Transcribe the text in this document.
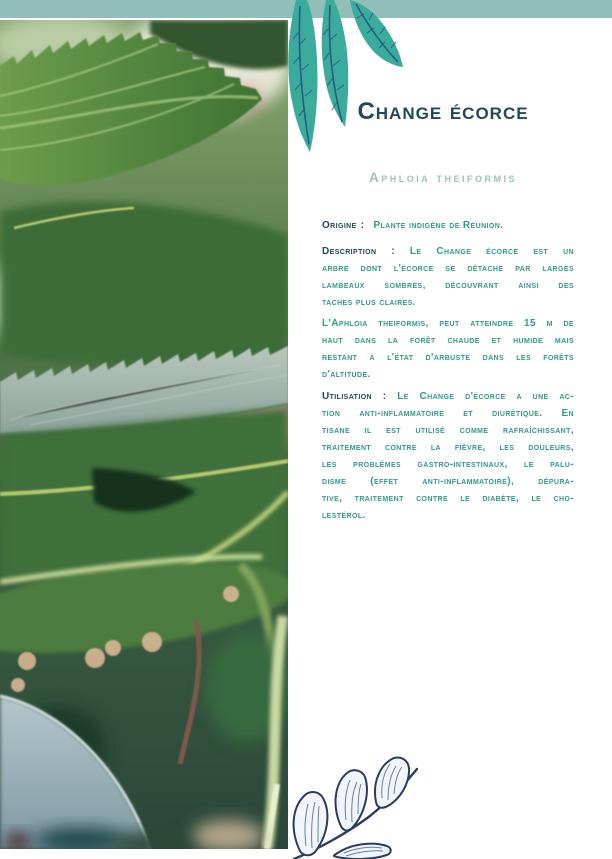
Change écorce
Aphloia theiformis
Origine : Plante indigène de Réunion.
Description : Le Change écorce est un
arbre dont l'écorce se détache par larges
lambeaux sombres, découvrant ainsi des
taches plus claires.
L'Aphloia theiformis, peut atteindre 15 m de
haut dans la forêt chaude et humide mais
restant à l'état d'arbuste dans les forêts
d'altitude.
Utilisation : Le Change d'écorce a une ac-
tion anti-inflammatoire et diurétique. En
tisane il est utilisé comme rafraîchissant,
traitement contre la fièvre, les douleurs,
les problèmes gastro-intestinaux, le palu-
disme (effet anti-inflammatoire), dépura-
tive, traitement contre le diabète, le cho-
lestérol.
